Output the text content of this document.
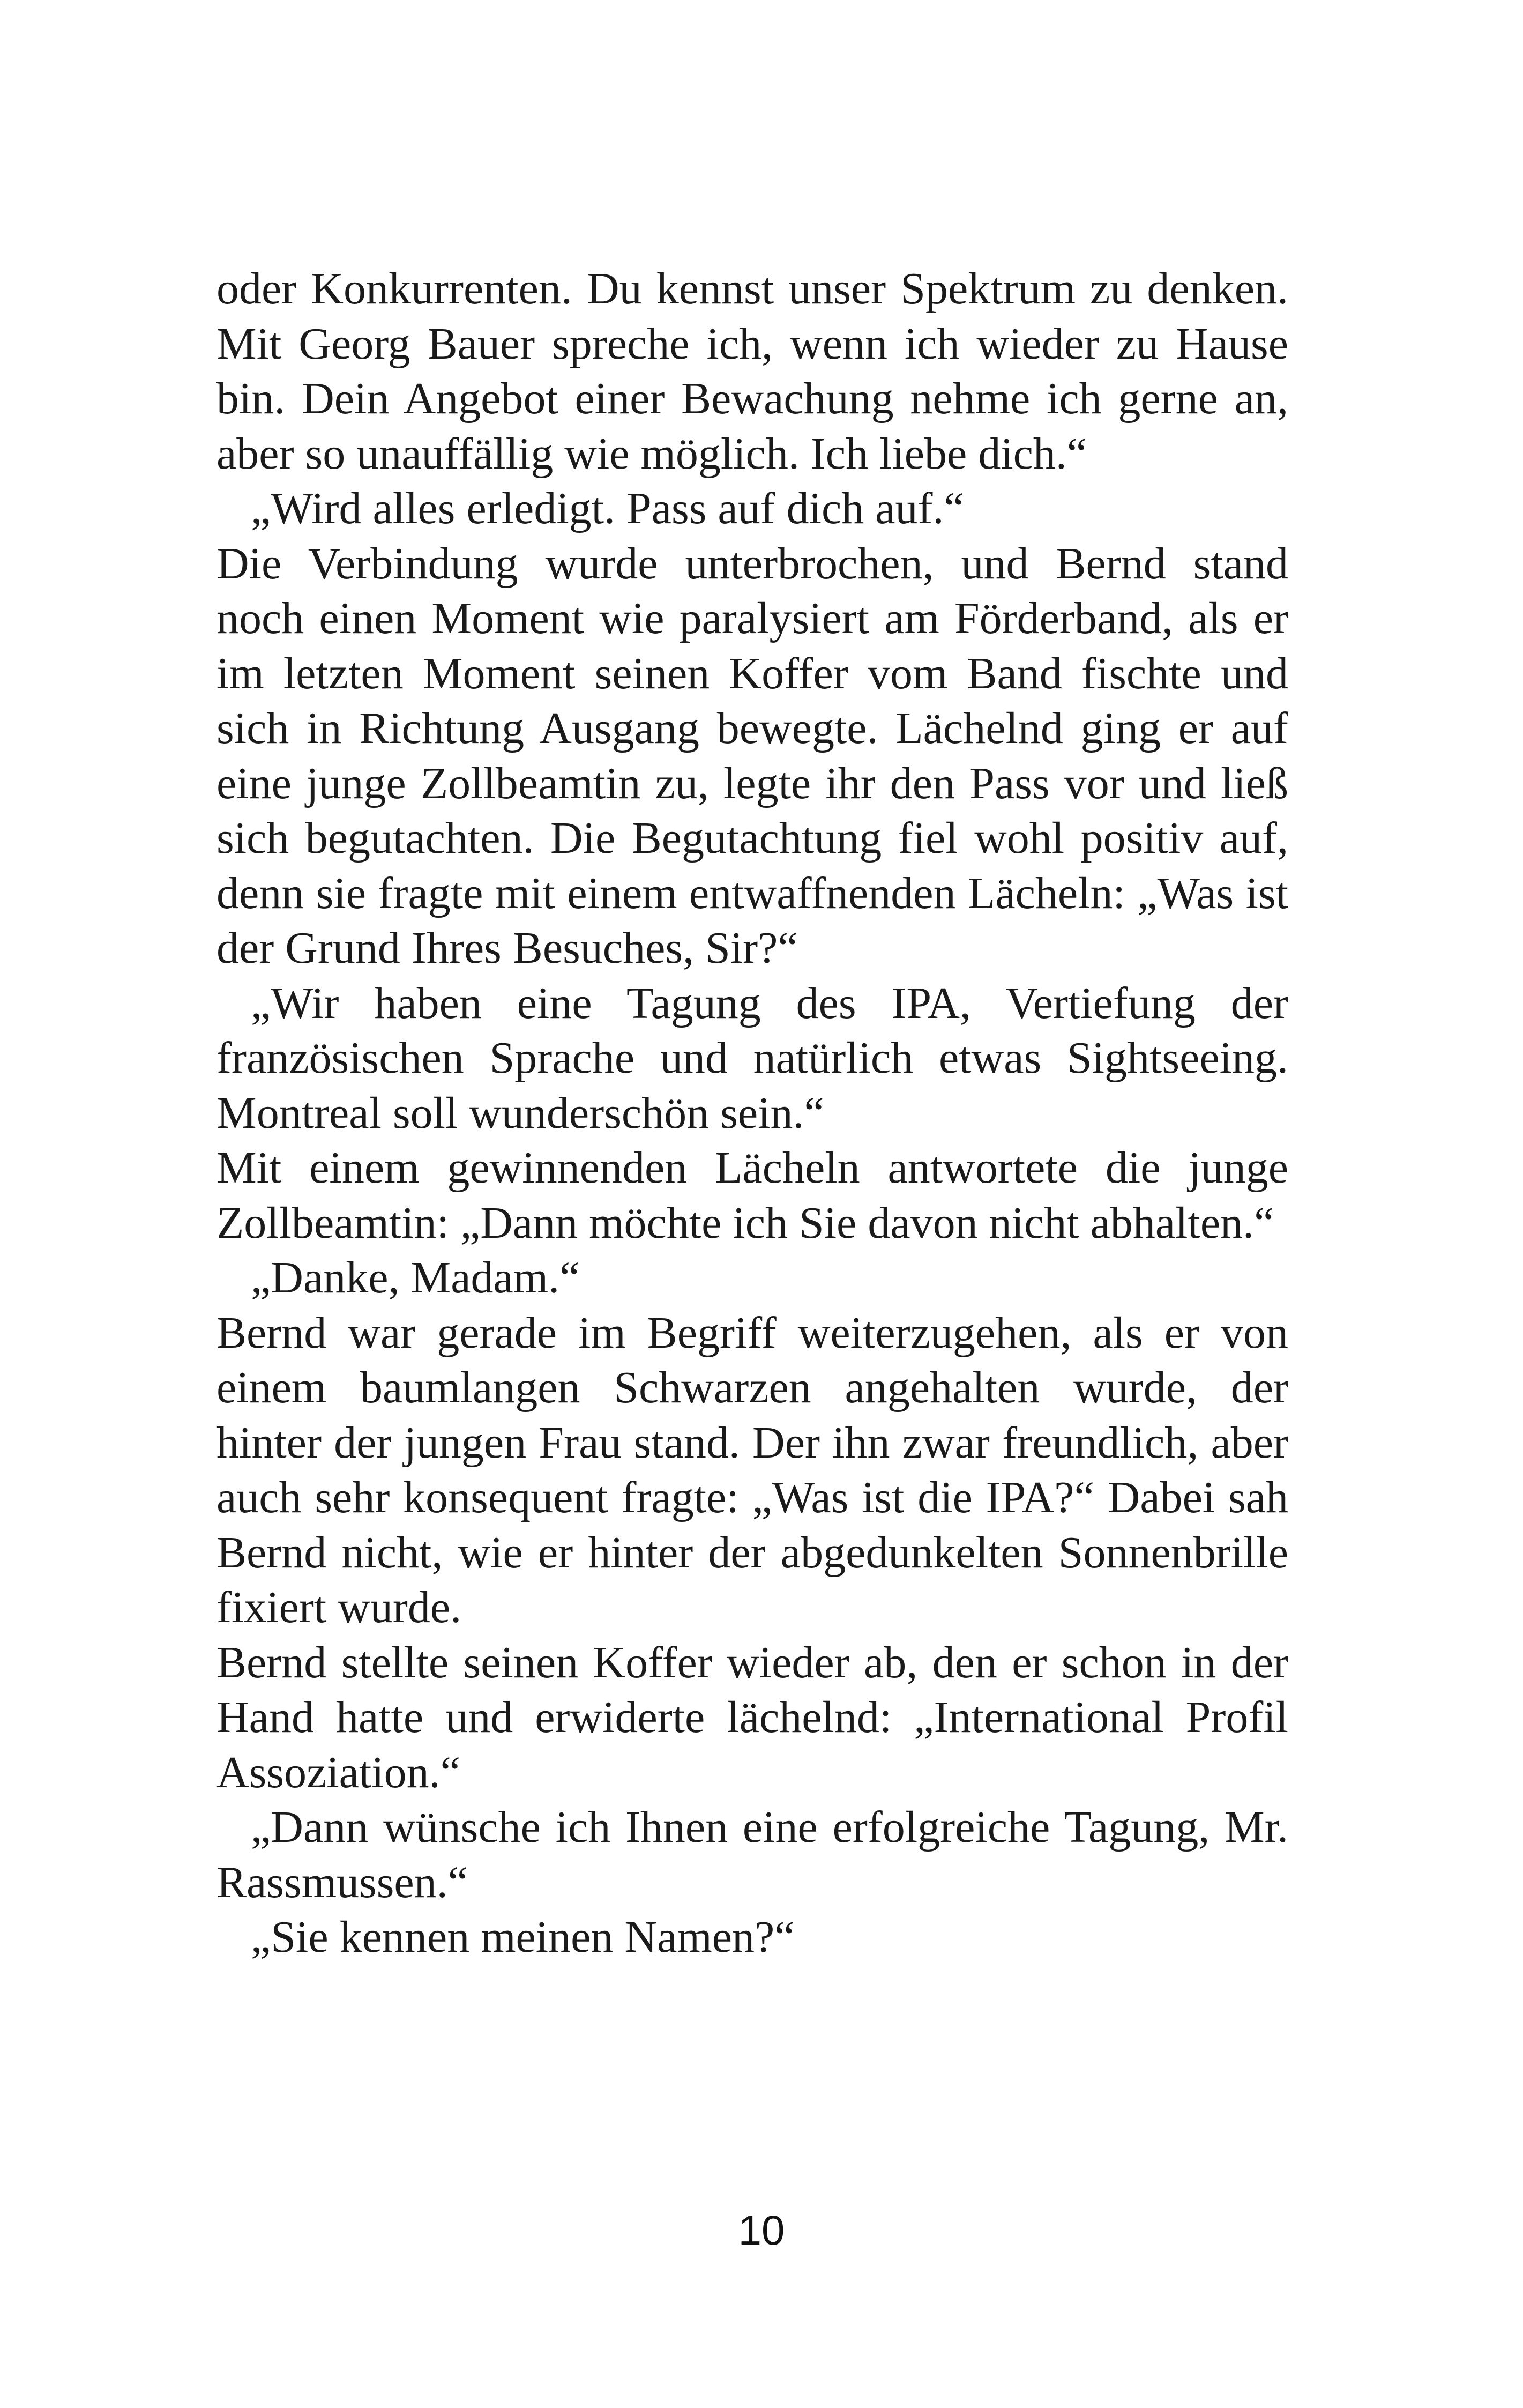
oder Konkurrenten. Du kennst unser Spektrum zu denken. Mit Georg Bauer spreche ich, wenn ich wieder zu Hause bin. Dein Angebot einer Bewachung nehme ich gerne an, aber so unauffällig wie möglich. Ich liebe dich.“

„Wird alles erledigt. Pass auf dich auf.“

Die Verbindung wurde unterbrochen, und Bernd stand noch einen Moment wie paralysiert am Förderband, als er im letzten Moment seinen Koffer vom Band fischte und sich in Richtung Ausgang bewegte. Lächelnd ging er auf eine junge Zollbeamtin zu, legte ihr den Pass vor und ließ sich begutachten. Die Begutachtung fiel wohl positiv auf, denn sie fragte mit einem entwaffnenden Lächeln: „Was ist der Grund Ihres Besuches, Sir?“

„Wir haben eine Tagung des IPA, Vertiefung der französischen Sprache und natürlich etwas Sightseeing. Montreal soll wunderschön sein.“

Mit einem gewinnenden Lächeln antwortete die junge Zollbeamtin: „Dann möchte ich Sie davon nicht abhalten.“

„Danke, Madam.“

Bernd war gerade im Begriff weiterzugehen, als er von einem baumlangen Schwarzen angehalten wurde, der hinter der jungen Frau stand. Der ihn zwar freundlich, aber auch sehr konsequent fragte: „Was ist die IPA?“ Dabei sah Bernd nicht, wie er hinter der abgedunkelten Sonnenbrille fixiert wurde.

Bernd stellte seinen Koffer wieder ab, den er schon in der Hand hatte und erwiderte lächelnd: „International Profil Assoziation.“

„Dann wünsche ich Ihnen eine erfolgreiche Tagung, Mr. Rassmussen.“

„Sie kennen meinen Namen?“

10
